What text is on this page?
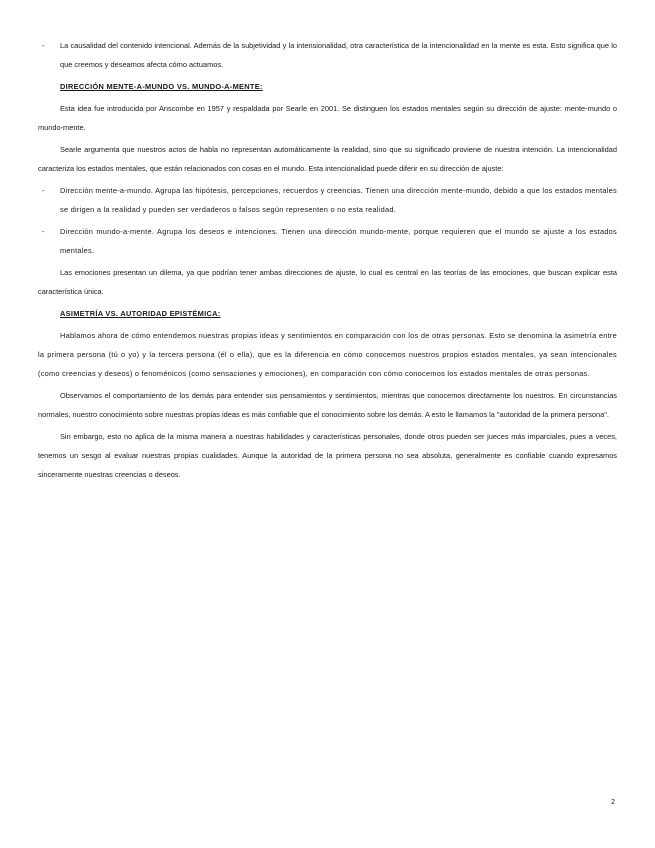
- La causalidad del contenido intencional. Además de la subjetividad y la intensionalidad, otra característica de la intencionalidad en la mente es esta. Esto significa que lo que creemos y deseamos afecta cómo actuamos.

DIRECCIÓN MENTE-A-MUNDO VS. MUNDO-A-MENTE:

Esta idea fue introducida por Anscombe en 1957 y respaldada por Searle en 2001. Se distinguen los estados mentales según su dirección de ajuste: mente-mundo o mundo-mente.

Searle argumenta que nuestros actos de habla no representan automáticamente la realidad, sino que su significado proviene de nuestra intención. La intencionalidad caracteriza los estados mentales, que están relacionados con cosas en el mundo. Esta intencionalidad puede diferir en su dirección de ajuste:

- Dirección mente-a-mundo. Agrupa las hipótesis, percepciones, recuerdos y creencias. Tienen una dirección mente-mundo, debido a que los estados mentales se dirigen a la realidad y pueden ser verdaderos o falsos según representen o no esta realidad.

- Dirección mundo-a-mente. Agrupa los deseos e intenciones. Tienen una dirección mundo-mente, porque requieren que el mundo se ajuste a los estados mentales.

Las emociones presentan un dilema, ya que podrían tener ambas direcciones de ajuste, lo cual es central en las teorías de las emociones, que buscan explicar esta característica única.

ASIMETRÍA VS. AUTORIDAD EPISTÉMICA:

Hablamos ahora de cómo entendemos nuestras propias ideas y sentimientos en comparación con los de otras personas. Esto se denomina la asimetría entre la primera persona (tú o yo) y la tercera persona (él o ella), que es la diferencia en cómo conocemos nuestros propios estados mentales, ya sean intencionales (como creencias y deseos) o fenoménicos (como sensaciones y emociones), en comparación con cómo conocemos los estados mentales de otras personas.

Observamos el comportamiento de los demás para entender sus pensamientos y sentimientos, mientras que conocemos directamente los nuestros. En circunstancias normales, nuestro conocimiento sobre nuestras propias ideas es más confiable que el conocimiento sobre los demás. A esto le llamamos la "autoridad de la primera persona".

Sin embargo, esto no aplica de la misma manera a nuestras habilidades y características personales, donde otros pueden ser jueces más imparciales, pues a veces, tenemos un sesgo al evaluar nuestras propias cualidades. Aunque la autoridad de la primera persona no sea absoluta, generalmente es confiable cuando expresamos sinceramente nuestras creencias o deseos.

2
